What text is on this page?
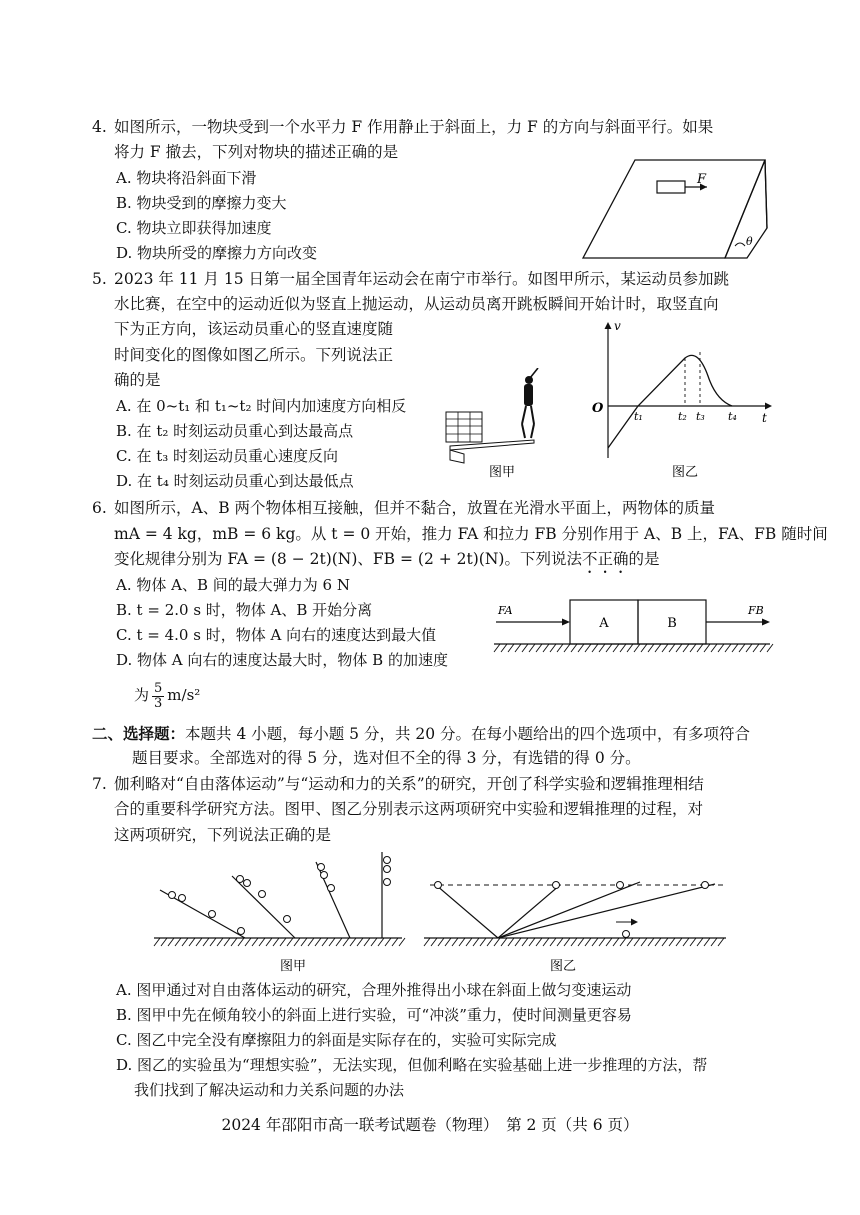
4. 如图所示，一物块受到一个水平力 F 作用静止于斜面上，力 F 的方向与斜面平行。如果
将力 F 撤去，下列对物块的描述正确的是
A. 物块将沿斜面下滑
B. 物块受到的摩擦力变大
C. 物块立即获得加速度
D. 物块所受的摩擦力方向改变
F
θ
5. 2023 年 11 月 15 日第一届全国青年运动会在南宁市举行。如图甲所示，某运动员参加跳
水比赛，在空中的运动近似为竖直上抛运动，从运动员离开跳板瞬间开始计时，取竖直向
下为正方向，该运动员重心的竖直速度随
时间变化的图像如图乙所示。下列说法正
确的是
A. 在 0~t₁ 和 t₁~t₂ 时间内加速度方向相反
B. 在 t₂ 时刻运动员重心到达最高点
C. 在 t₃ 时刻运动员重心速度反向
D. 在 t₄ 时刻运动员重心到达最低点	图甲
v
t
O
t₁	t₂ t₃ t₄
图乙
6. 如图所示，A、B 两个物体相互接触，但并不黏合，放置在光滑水平面上，两物体的质量
mA = 4 kg，mB = 6 kg。从 t = 0 开始，推力 FA 和拉力 FB 分别作用于 A、B 上，FA、FB 随时间
变化规律分别为 FA = (8 − 2t)(N)、FB = (2 + 2t)(N)。下列说法不正确的是
A. 物体 A、B 间的最大弹力为 6 N
B. t = 2.0 s 时，物体 A、B 开始分离
C. t = 4.0 s 时，物体 A 向右的速度达到最大值
D. 物体 A 向右的速度达最大时，物体 B 的加速度
为 $\frac{5}{3} m/s^2$
A	B
FA	FB
二、选择题：本题共 4 小题，每小题 5 分，共 20 分。在每小题给出的四个选项中，有多项符合
题目要求。全部选对的得 5 分，选对但不全的得 3 分，有选错的得 0 分。
7. 伽利略对“自由落体运动”与“运动和力的关系”的研究，开创了科学实验和逻辑推理相结
合的重要科学研究方法。图甲、图乙分别表示这两项研究中实验和逻辑推理的过程，对
这两项研究，下列说法正确的是
图甲	图乙
A. 图甲通过对自由落体运动的研究，合理外推得出小球在斜面上做匀变速运动
B. 图甲中先在倾角较小的斜面上进行实验，可“冲淡”重力，使时间测量更容易
C. 图乙中完全没有摩擦阻力的斜面是实际存在的，实验可实际完成
D. 图乙的实验虽为“理想实验”，无法实现，但伽利略在实验基础上进一步推理的方法，帮
我们找到了解决运动和力关系问题的办法
2024 年邵阳市高一联考试题卷（物理）　第 2 页（共 6 页）
